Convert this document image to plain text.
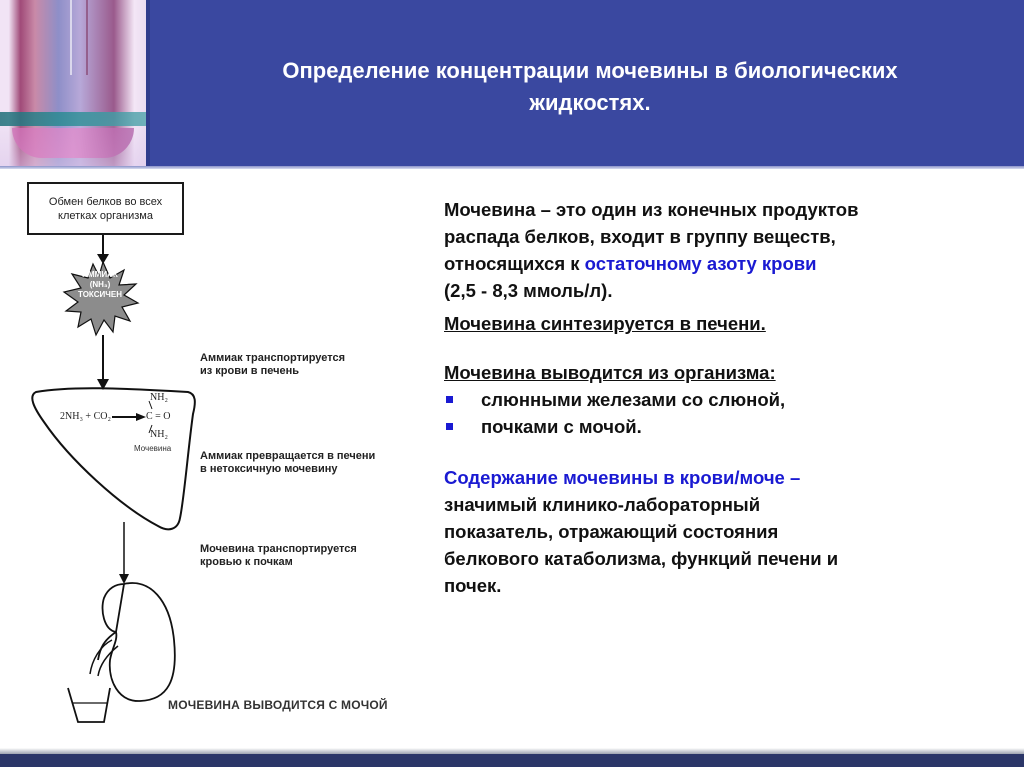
Определение концентрации мочевины в биологических
жидкостях.
Обмен белков во всех
клетках организма
АММИАК
(NH₃)
ТОКСИЧЕН
Аммиак транспортируется
из крови в печень
2NH₃ + CO₂
NH₂
C = O
NH₂
Мочевина
Аммиак превращается в печени
в нетоксичную мочевину
Мочевина транспортируется
кровью к почкам
МОЧЕВИНА ВЫВОДИТСЯ С МОЧОЙ

Мочевина – это один из конечных продуктов
распада белков, входит в группу веществ,
относящихся к остаточному азоту крови
(2,5 - 8,3 ммоль/л).

Мочевина синтезируется в печени.

Мочевина выводится из организма:

слюнными железами со слюной,
почками с мочой.

Содержание мочевины в крови/моче –
значимый клинико-лабораторный
показатель, отражающий состояния
белкового катаболизма, функций печени и
почек.
